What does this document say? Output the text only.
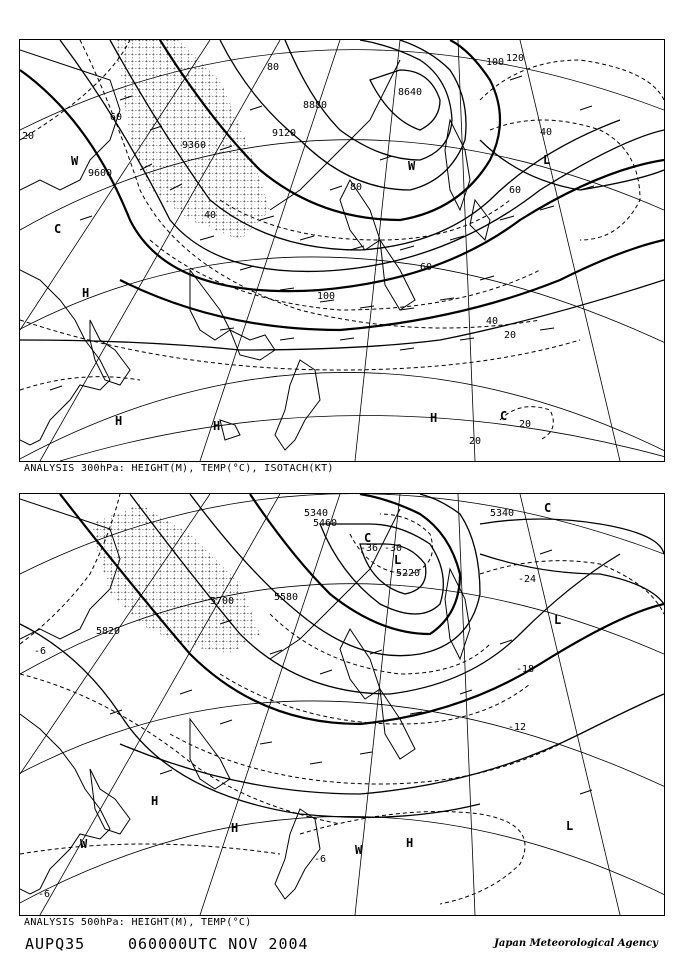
9600
9360
9120
8880
8640
20
80
60
40
100
120
60
40
20
20
20
40
60
80
100
H
H	H
H
C
C
L
W	W
ANALYSIS 300hPa: HEIGHT(M), TEMP(°C), ISOTACH(KT)
5820
5700	5580
5460
5340
5220
5340
-6
-6
-6
-12
-18
-24
-30
-36
L
L
L
H
H
H
W	W
C
C
ANALYSIS 500hPa: HEIGHT(M), TEMP(°C)
AUPQ35	060000UTC NOV 2004	Japan Meteorological Agency
